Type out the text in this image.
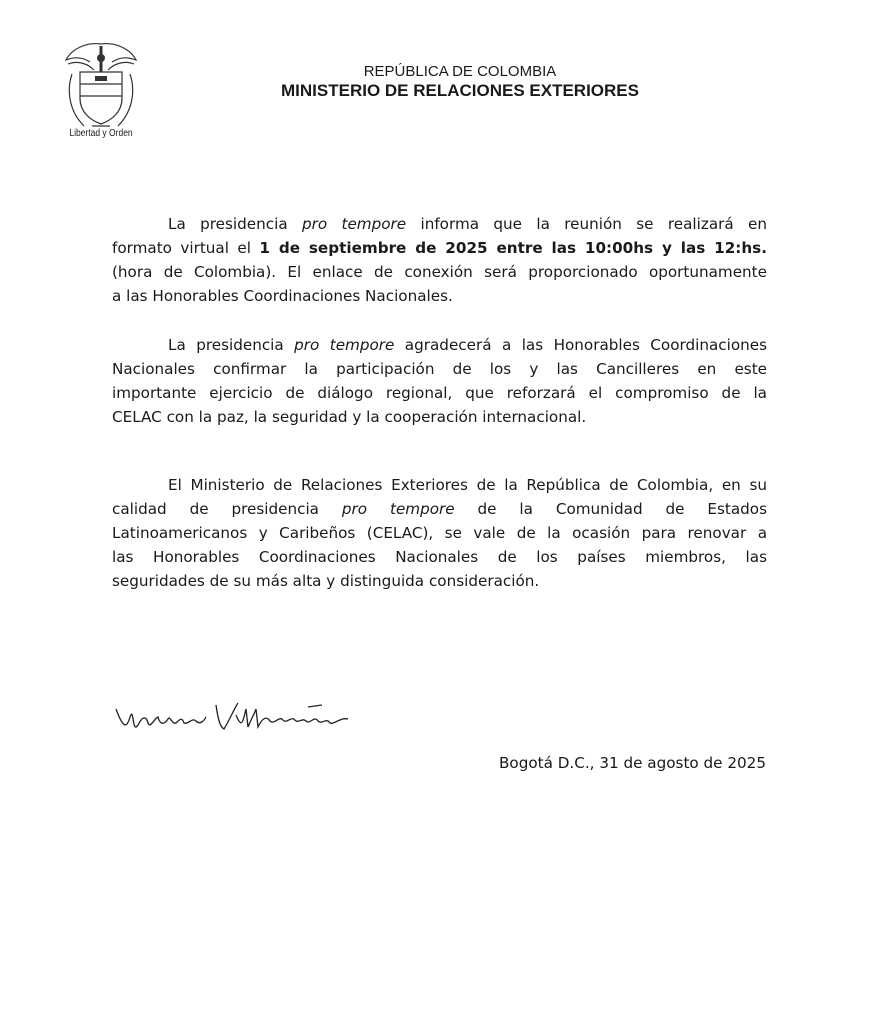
Libertad y Orden
REPÚBLICA DE COLOMBIA
MINISTERIO DE RELACIONES EXTERIORES
La presidencia pro tempore informa que la reunión se realizará en
formato virtual el 1 de septiembre de 2025 entre las 10:00hs y las 12:hs.
(hora de Colombia). El enlace de conexión será proporcionado oportunamente
a las Honorables Coordinaciones Nacionales.
La presidencia pro tempore agradecerá a las Honorables Coordinaciones
Nacionales confirmar la participación de los y las Cancilleres en este
importante ejercicio de diálogo regional, que reforzará el compromiso de la
CELAC con la paz, la seguridad y la cooperación internacional.
El Ministerio de Relaciones Exteriores de la República de Colombia, en su
calidad de presidencia pro tempore de la Comunidad de Estados
Latinoamericanos y Caribeños (CELAC), se vale de la ocasión para renovar a
las Honorables Coordinaciones Nacionales de los países miembros, las
seguridades de su más alta y distinguida consideración.
Bogotá D.C., 31 de agosto de 2025
